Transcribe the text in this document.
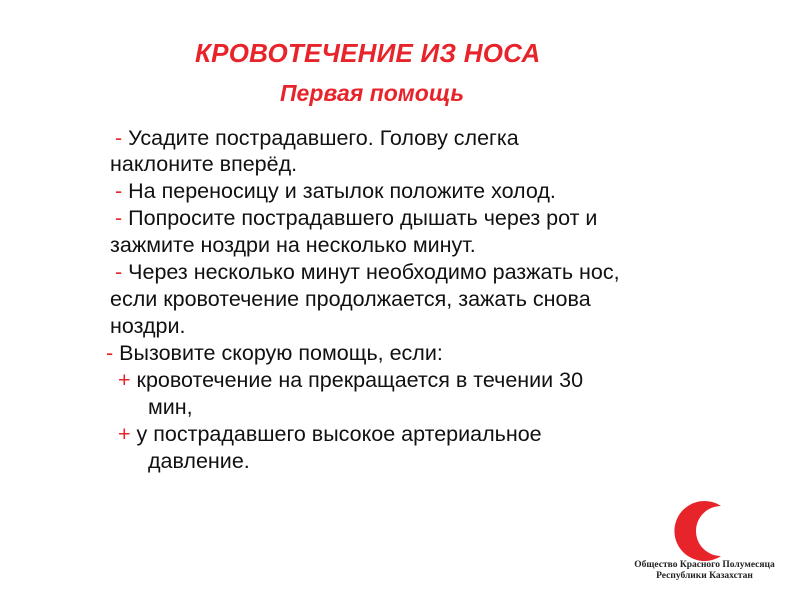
КРОВОТЕЧЕНИЕ ИЗ НОСА
Первая помощь
- Усадите пострадавшего. Голову слегка
наклоните вперёд.
- На переносицу и затылок положите холод.
- Попросите пострадавшего дышать через рот и
зажмите ноздри на несколько минут.
- Через несколько минут необходимо разжать нос,
если кровотечение продолжается, зажать снова
ноздри.
- Вызовите скорую помощь, если:
+ кровотечение на прекращается в течении 30
мин,
+ у пострадавшего высокое артериальное
давление.
Общество Красного Полумесяца
Республики Казахстан
